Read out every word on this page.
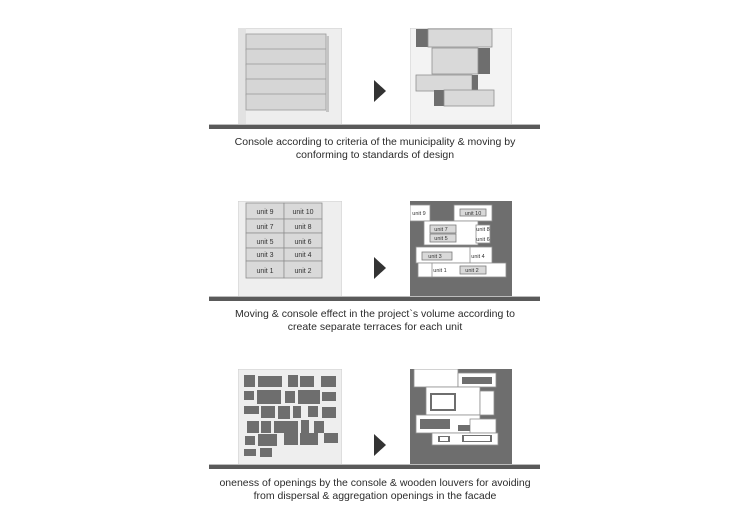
Console according to criteria of the municipality & moving by
conforming to standards of design
unit 9	unit 10
unit 7	unit 8
unit 5	unit 6
unit 3	unit 4
unit 1	unit 2
unit 9	unit 10
unit 7	unit 8
unit 5	unit 6
unit 3	unit 4
unit 1	unit 2
Moving & console effect in the project`s volume according to
create separate terraces for each unit
oneness of openings by the console & wooden louvers for avoiding
from dispersal & aggregation openings in the facade
